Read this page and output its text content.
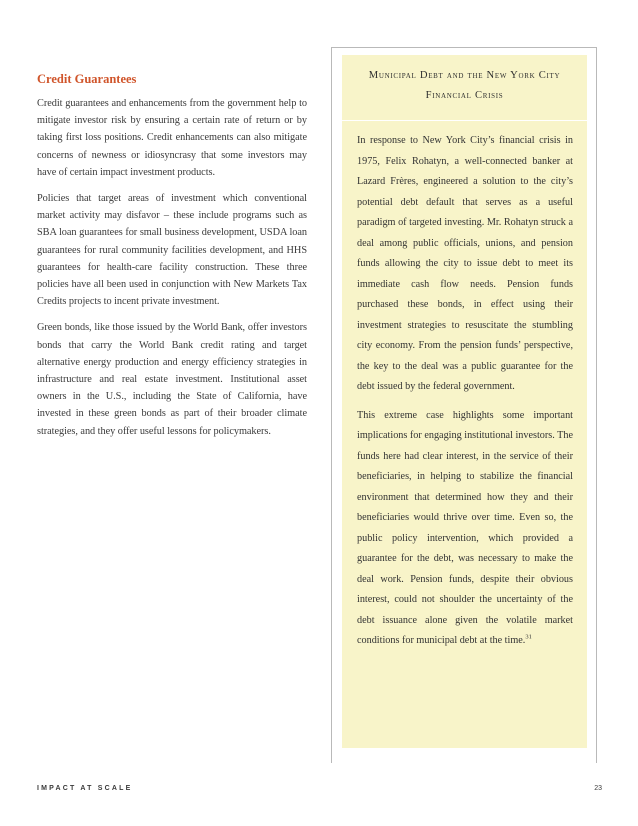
Credit Guarantees

Credit guarantees and enhancements from the government help to mitigate investor risk by ensuring a certain rate of return or by taking first loss positions. Credit enhancements can also mitigate concerns of newness or idiosyncrasy that some investors may have of certain impact investment products.

Policies that target areas of investment which conventional market activity may disfavor – these include programs such as SBA loan guarantees for small business development, USDA loan guarantees for rural community facilities development, and HHS guarantees for health-care facility construction. These three policies have all been used in conjunction with New Markets Tax Credits projects to incent private investment.

Green bonds, like those issued by the World Bank, offer investors bonds that carry the World Bank credit rating and target alternative energy production and energy efficiency strategies in infrastructure and real estate investment. Institutional asset owners in the U.S., including the State of California, have invested in these green bonds as part of their broader climate strategies, and they offer useful lessons for policymakers.

Municipal Debt and the New York City Financial Crisis

In response to New York City’s financial crisis in 1975, Felix Rohatyn, a well-connected banker at Lazard Frères, engineered a solution to the city’s potential debt default that serves as a useful paradigm of targeted investing. Mr. Rohatyn struck a deal among public officials, unions, and pension funds allowing the city to issue debt to meet its immediate cash flow needs. Pension funds purchased these bonds, in effect using their investment strategies to resuscitate the stumbling city economy. From the pension funds’ perspective, the key to the deal was a public guarantee for the debt issued by the federal government.

This extreme case highlights some important implications for engaging institutional investors. The funds here had clear interest, in the service of their beneficiaries, in helping to stabilize the financial environment that determined how they and their beneficiaries would thrive over time. Even so, the public policy intervention, which provided a guarantee for the debt, was necessary to make the deal work. Pension funds, despite their obvious interest, could not shoulder the uncertainty of the debt issuance alone given the volatile market conditions for municipal debt at the time.$^{31}$

IMPACT AT SCALE	23
